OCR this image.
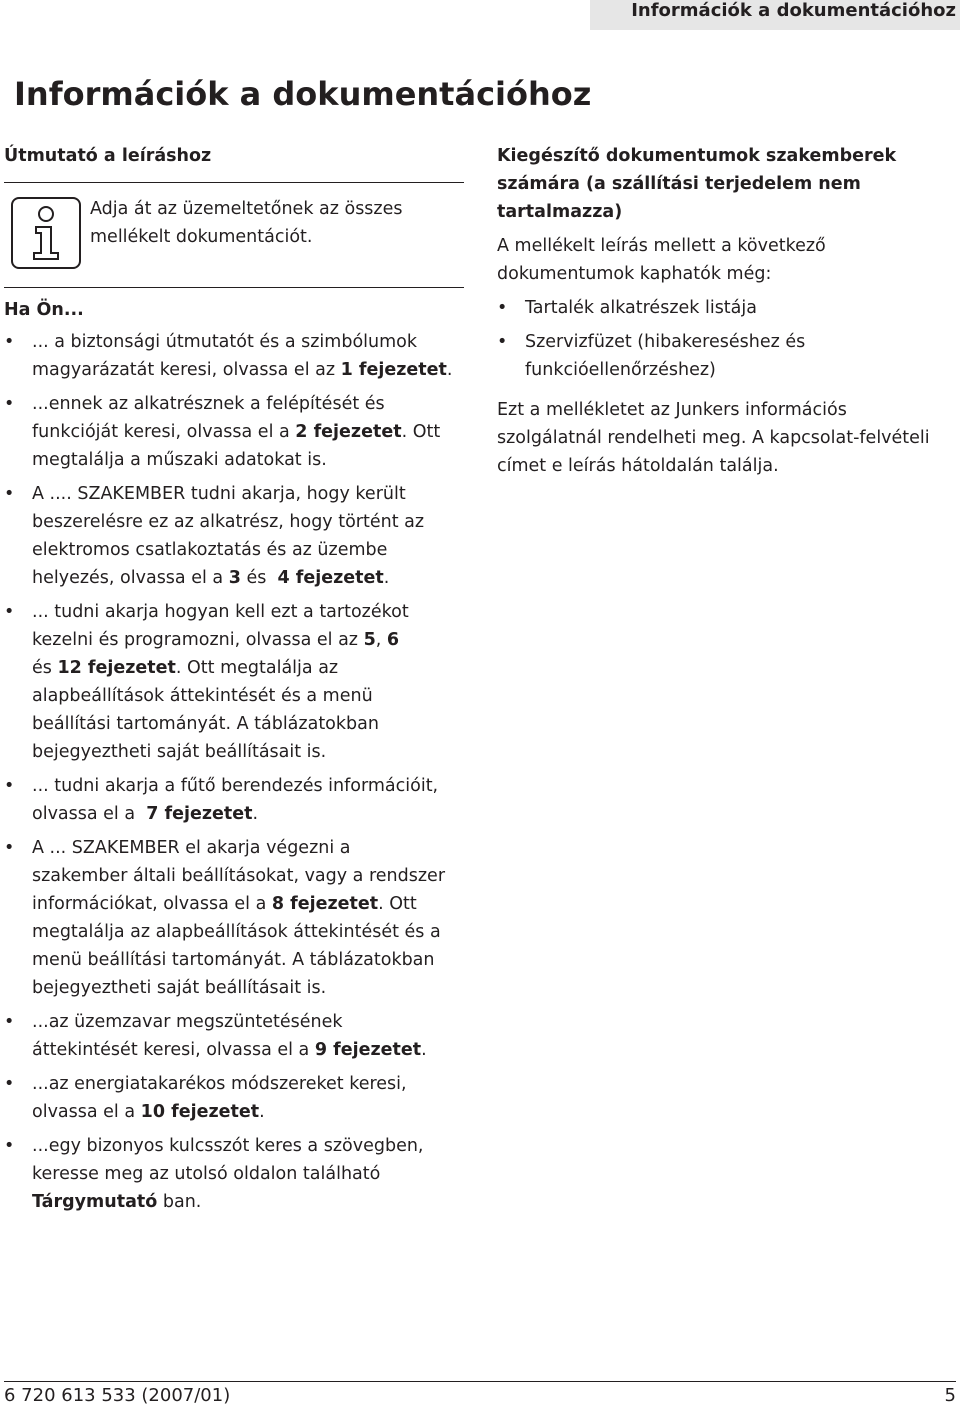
Információk a dokumentációhoz
Információk a dokumentációhoz

Útmutató a leíráshoz

Adja át az üzemeltetőnek az összes
mellékelt dokumentációt.

Ha Ön...

• ... a biztonsági útmutatót és a szimbólumok
magyarázatát keresi, olvassa el az 1 fejezetet.
• ...ennek az alkatrésznek a felépítését és
funkcióját keresi, olvassa el a 2 fejezetet. Ott
megtalálja a műszaki adatokat is.
• A .... SZAKEMBER tudni akarja, hogy került
beszerelésre ez az alkatrész, hogy történt az
elektromos csatlakoztatás és az üzembe
helyezés, olvassa el a 3 és  4 fejezetet.
• ... tudni akarja hogyan kell ezt a tartozékot
kezelni és programozni, olvassa el az 5, 6
és 12 fejezetet. Ott megtalálja az
alapbeállítások áttekintését és a menü
beállítási tartományát. A táblázatokban
bejegyeztheti saját beállításait is.
• ... tudni akarja a fűtő berendezés információit,
olvassa el a  7 fejezetet.
• A ... SZAKEMBER el akarja végezni a
szakember általi beállításokat, vagy a rendszer
információkat, olvassa el a 8 fejezetet. Ott
megtalálja az alapbeállítások áttekintését és a
menü beállítási tartományát. A táblázatokban
bejegyeztheti saját beállításait is.
• ...az üzemzavar megszüntetésének
áttekintését keresi, olvassa el a 9 fejezetet.
• ...az energiatakarékos módszereket keresi,
olvassa el a 10 fejezetet.
• ...egy bizonyos kulcsszót keres a szövegben,
keresse meg az utolsó oldalon található
Tárgymutató ban.
Kiegészítő dokumentumok szakemberek
számára (a szállítási terjedelem nem
tartalmazza)
A mellékelt leírás mellett a következő
dokumentumok kaphatók még:
• Tartalék alkatrészek listája
• Szervizfüzet (hibakereséshez és
funkcióellenőrzéshez)
Ezt a mellékletet az Junkers információs
szolgálatnál rendelheti meg. A kapcsolat-felvételi
címet e leírás hátoldalán találja.
6 720 613 533 (2007/01)	5
